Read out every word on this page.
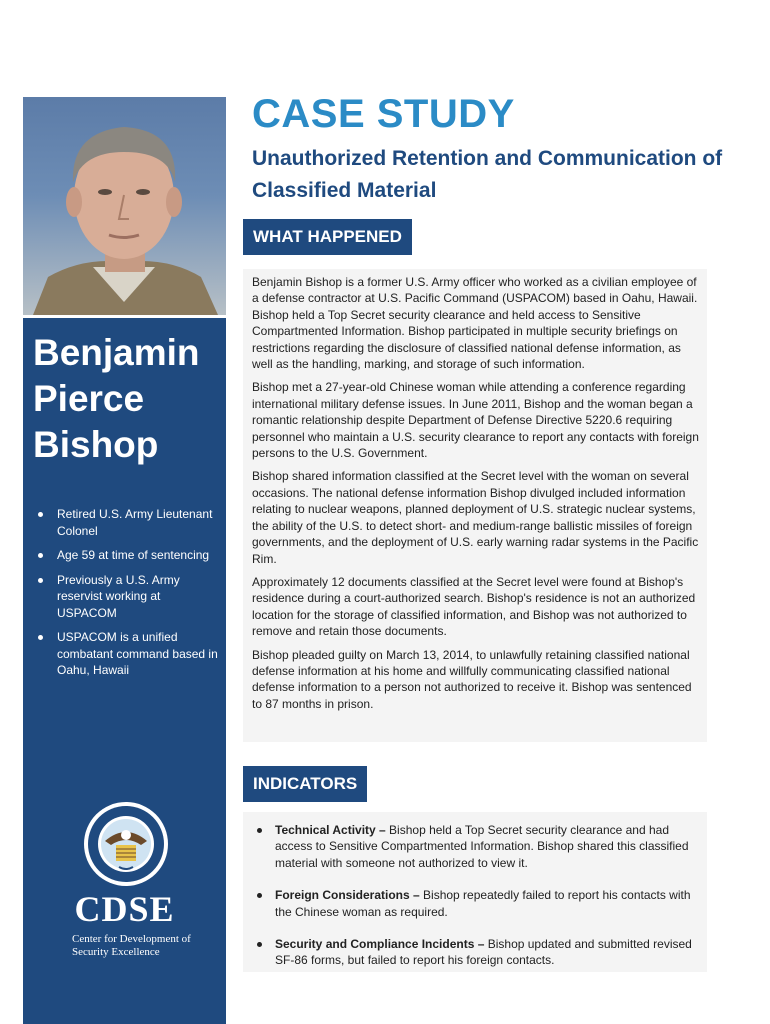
Benjamin Pierce Bishop
Retired U.S. Army Lieutenant Colonel
Age 59 at time of sentencing
Previously a U.S. Army reservist working at USPACOM
USPACOM is a unified combatant command based in Oahu, Hawaii
CDSE
Center for Development of Security Excellence
CASE STUDY
Unauthorized Retention and Communication of Classified Material
WHAT HAPPENED

Benjamin Bishop is a former U.S. Army officer who worked as a civilian employee of a defense contractor at U.S. Pacific Command (USPACOM) based in Oahu, Hawaii. Bishop held a Top Secret security clearance and held access to Sensitive Compartmented Information. Bishop participated in multiple security briefings on restrictions regarding the disclosure of classified national defense information, as well as the handling, marking, and storage of such information.

Bishop met a 27-year-old Chinese woman while attending a conference regarding international military defense issues. In June 2011, Bishop and the woman began a romantic relationship despite Department of Defense Directive 5220.6 requiring personnel who maintain a U.S. security clearance to report any contacts with foreign persons to the U.S. Government.

Bishop shared information classified at the Secret level with the woman on several occasions. The national defense information Bishop divulged included information relating to nuclear weapons, planned deployment of U.S. strategic nuclear systems, the ability of the U.S. to detect short- and medium-range ballistic missiles of foreign governments, and the deployment of U.S. early warning radar systems in the Pacific Rim.

Approximately 12 documents classified at the Secret level were found at Bishop's residence during a court-authorized search. Bishop's residence is not an authorized location for the storage of classified information, and Bishop was not authorized to remove and retain those documents.

Bishop pleaded guilty on March 13, 2014, to unlawfully retaining classified national defense information at his home and willfully communicating classified national defense information to a person not authorized to receive it. Bishop was sentenced to 87 months in prison.

INDICATORS
Technical Activity – Bishop held a Top Secret security clearance and had access to Sensitive Compartmented Information. Bishop shared this classified material with someone not authorized to view it.
Foreign Considerations – Bishop repeatedly failed to report his contacts with the Chinese woman as required.
Security and Compliance Incidents – Bishop updated and submitted revised SF-86 forms, but failed to report his foreign contacts.
